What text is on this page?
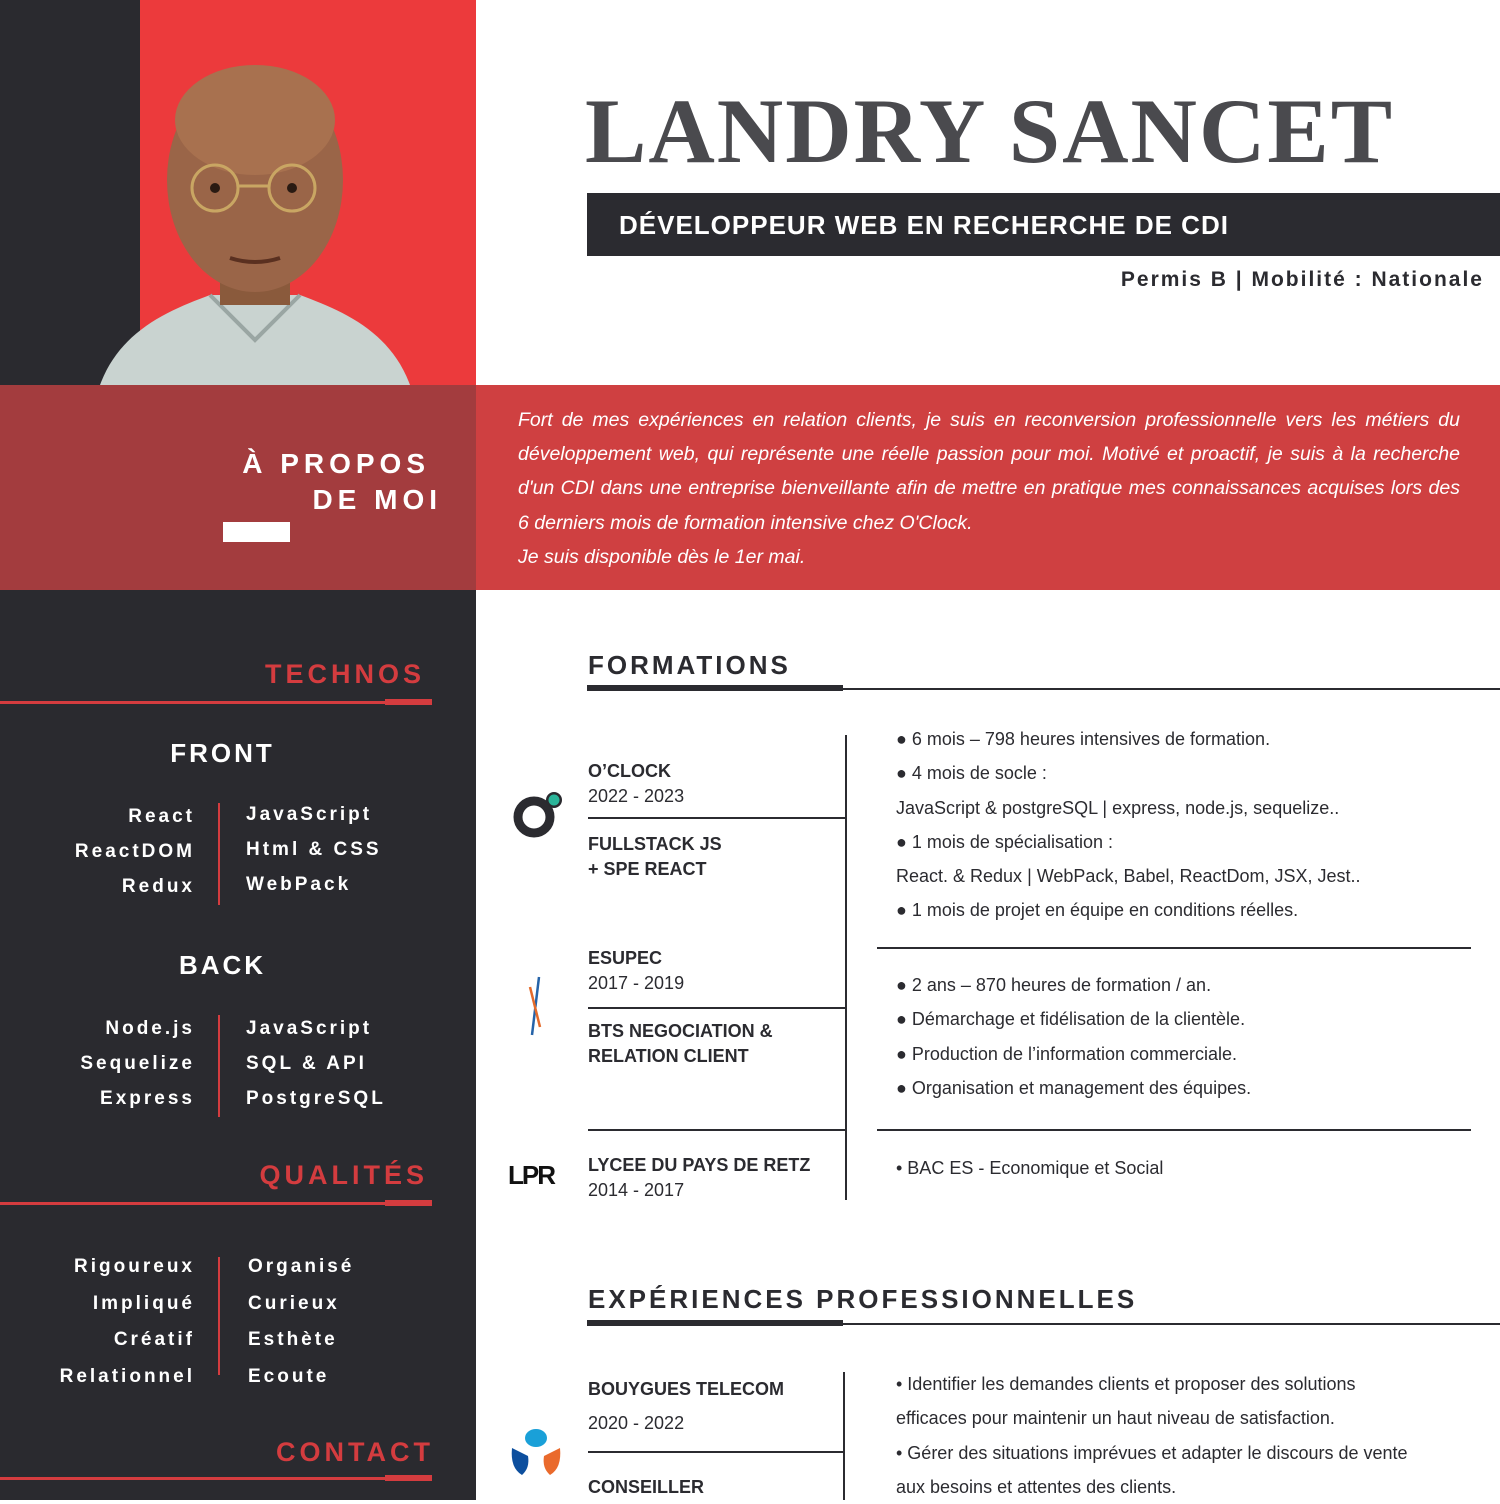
LANDRY SANCET
DÉVELOPPEUR WEB EN RECHERCHE DE CDI
Permis B | Mobilité : Nationale
À PROPOS
DE MOI
Fort de mes expériences en relation clients, je suis en reconversion professionnelle vers les métiers du développement web, qui représente une réelle passion pour moi. Motivé et proactif, je suis à la recherche d'un CDI dans une entreprise bienveillante afin de mettre en pratique mes connaissances acquises lors des 6 derniers mois de formation intensive chez O'Clock.
Je suis disponible dès le 1er mai.
TECHNOS
FRONT
React
ReactDOM
Redux
JavaScript
Html & CSS
WebPack
BACK
Node.js
Sequelize
Express
JavaScript
SQL & API
PostgreSQL
QUALITÉS
Rigoureux
Impliqué
Créatif
Relationnel
Organisé
Curieux
Esthète
Ecoute
CONTACT
FORMATIONS
O’CLOCK
2022 - 2023
FULLSTACK JS
+ SPE REACT
● 6 mois – 798 heures intensives de formation.
● 4 mois de socle :
JavaScript & postgreSQL | express, node.js, sequelize..
● 1 mois de spécialisation :
React. & Redux | WebPack, Babel, ReactDom, JSX, Jest..
● 1 mois de projet en équipe en conditions réelles.
ESUPEC
2017 - 2019
BTS NEGOCIATION &
RELATION CLIENT
● 2 ans – 870 heures de formation / an.
● Démarchage et fidélisation de la clientèle.
● Production de l’information commerciale.
● Organisation et management des équipes.
LPR LYCEE DU PAYS DE RETZ
2014 - 2017
• BAC ES - Economique et Social
EXPÉRIENCES PROFESSIONNELLES
BOUYGUES TELECOM
2020 - 2022
CONSEILLER
• Identifier les demandes clients et proposer des solutions
efficaces pour maintenir un haut niveau de satisfaction.
• Gérer des situations imprévues et adapter le discours de vente
aux besoins et attentes des clients.
